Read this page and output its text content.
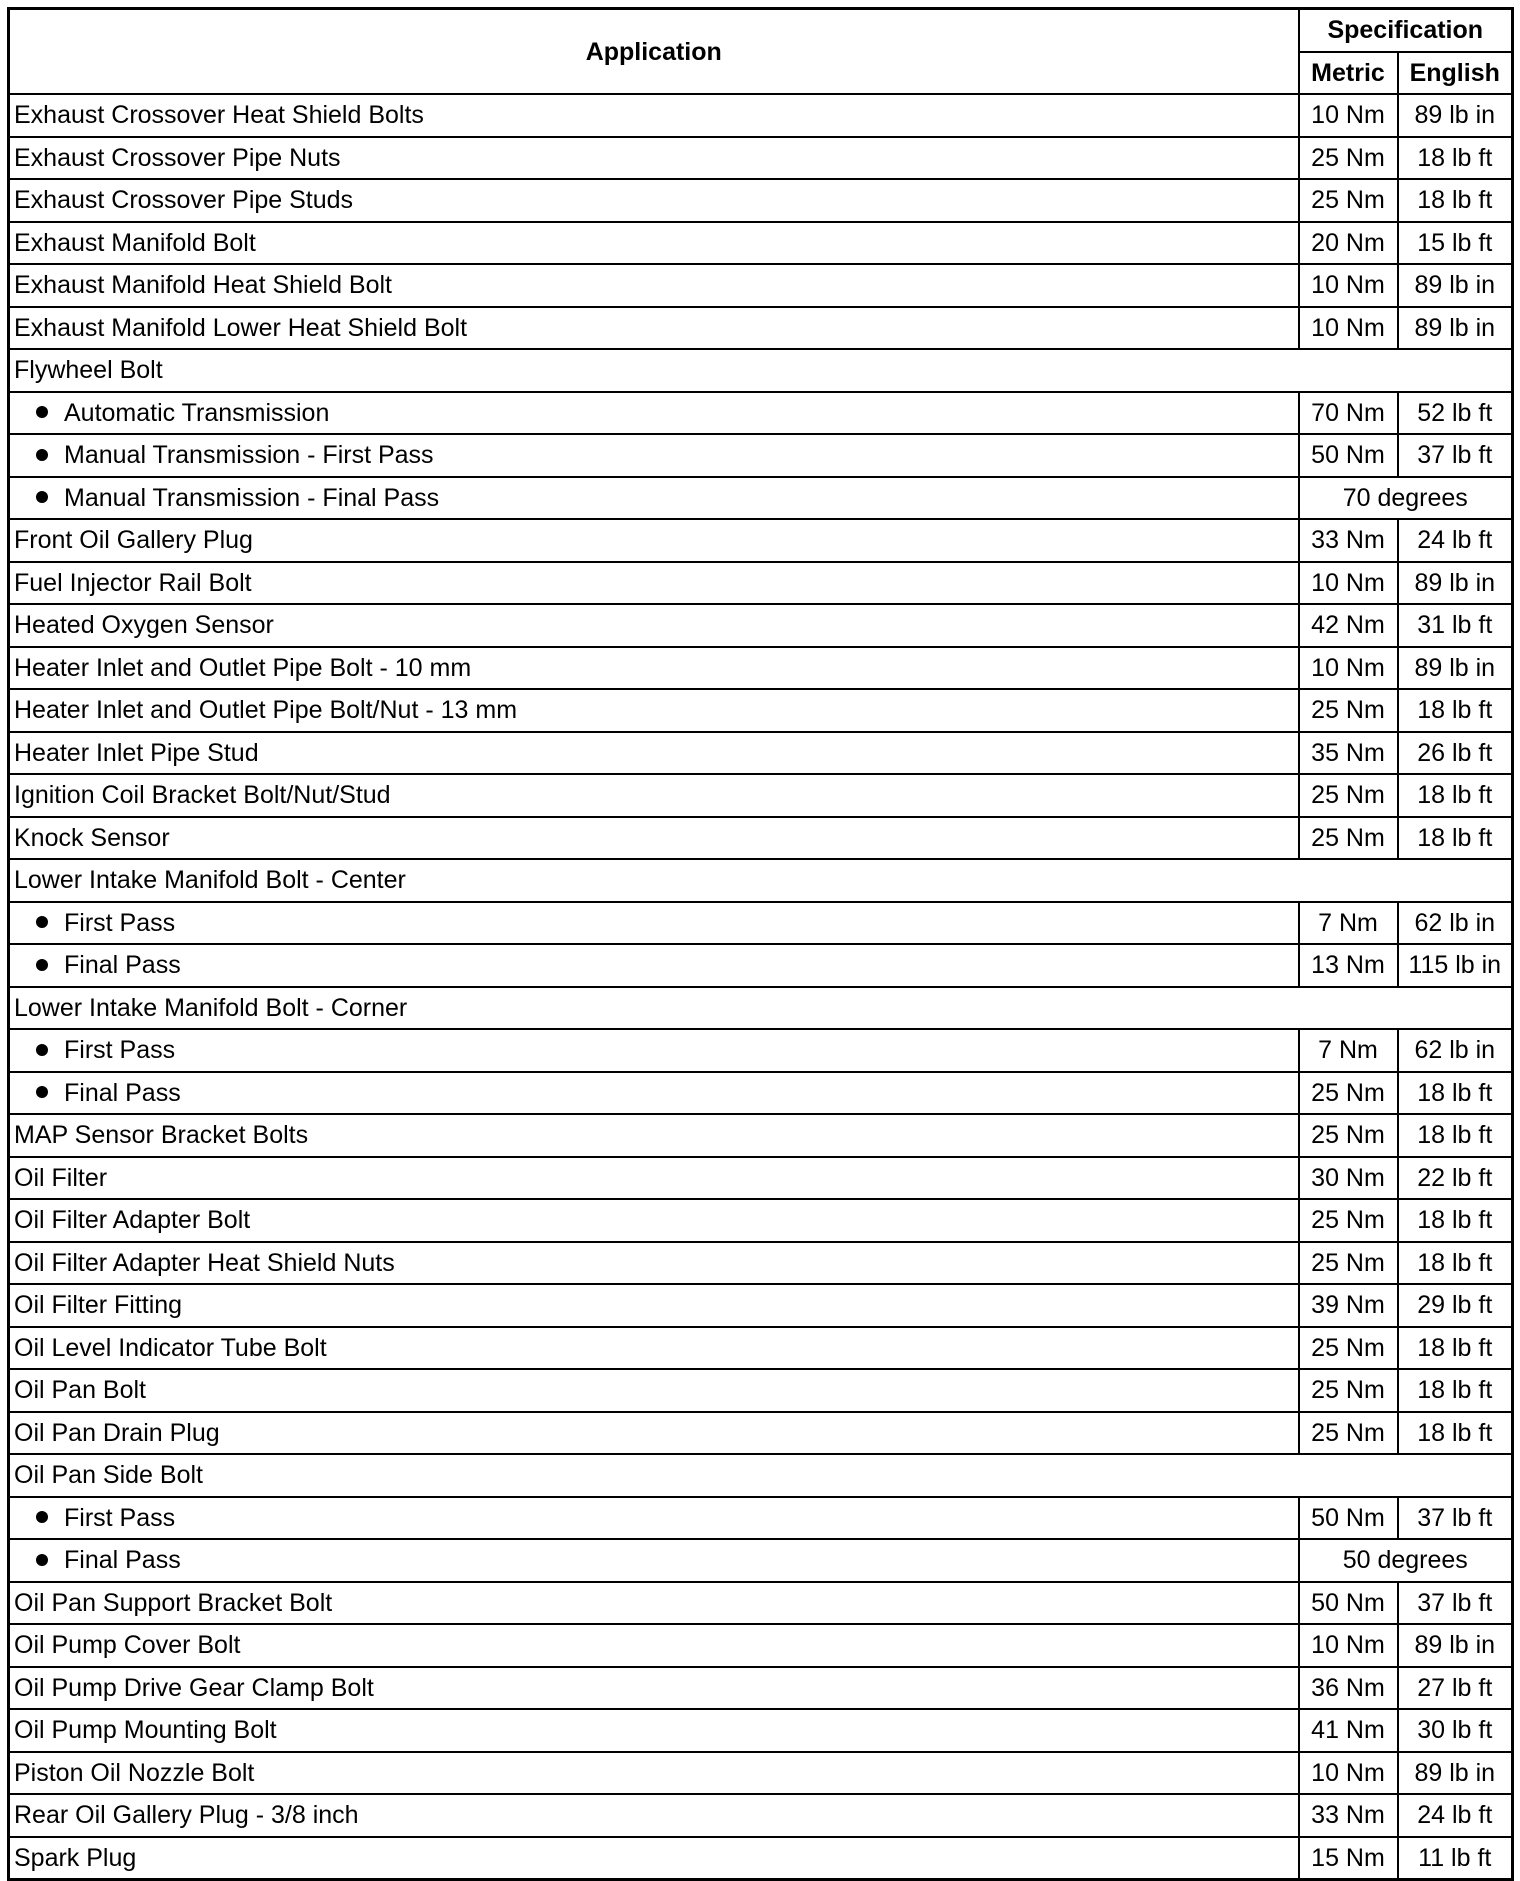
Application	Specification	
	Metric	English
Exhaust Crossover Heat Shield Bolts	10 Nm	89 lb in
Exhaust Crossover Pipe Nuts	25 Nm	18 lb ft
Exhaust Crossover Pipe Studs	25 Nm	18 lb ft
Exhaust Manifold Bolt	20 Nm	15 lb ft
Exhaust Manifold Heat Shield Bolt	10 Nm	89 lb in
Exhaust Manifold Lower Heat Shield Bolt	10 Nm	89 lb in
Flywheel Bolt		
Automatic Transmission	70 Nm	52 lb ft
Manual Transmission - First Pass	50 Nm	37 lb ft
Manual Transmission - Final Pass	70 degrees	
Front Oil Gallery Plug	33 Nm	24 lb ft
Fuel Injector Rail Bolt	10 Nm	89 lb in
Heated Oxygen Sensor	42 Nm	31 lb ft
Heater Inlet and Outlet Pipe Bolt - 10 mm	10 Nm	89 lb in
Heater Inlet and Outlet Pipe Bolt/Nut - 13 mm	25 Nm	18 lb ft
Heater Inlet Pipe Stud	35 Nm	26 lb ft
Ignition Coil Bracket Bolt/Nut/Stud	25 Nm	18 lb ft
Knock Sensor	25 Nm	18 lb ft
Lower Intake Manifold Bolt - Center		
First Pass	7 Nm	62 lb in
Final Pass	13 Nm	115 lb in
Lower Intake Manifold Bolt - Corner		
First Pass	7 Nm	62 lb in
Final Pass	25 Nm	18 lb ft
MAP Sensor Bracket Bolts	25 Nm	18 lb ft
Oil Filter	30 Nm	22 lb ft
Oil Filter Adapter Bolt	25 Nm	18 lb ft
Oil Filter Adapter Heat Shield Nuts	25 Nm	18 lb ft
Oil Filter Fitting	39 Nm	29 lb ft
Oil Level Indicator Tube Bolt	25 Nm	18 lb ft
Oil Pan Bolt	25 Nm	18 lb ft
Oil Pan Drain Plug	25 Nm	18 lb ft
Oil Pan Side Bolt		
First Pass	50 Nm	37 lb ft
Final Pass	50 degrees	
Oil Pan Support Bracket Bolt	50 Nm	37 lb ft
Oil Pump Cover Bolt	10 Nm	89 lb in
Oil Pump Drive Gear Clamp Bolt	36 Nm	27 lb ft
Oil Pump Mounting Bolt	41 Nm	30 lb ft
Piston Oil Nozzle Bolt	10 Nm	89 lb in
Rear Oil Gallery Plug - 3/8 inch	33 Nm	24 lb ft
Spark Plug	15 Nm	11 lb ft
